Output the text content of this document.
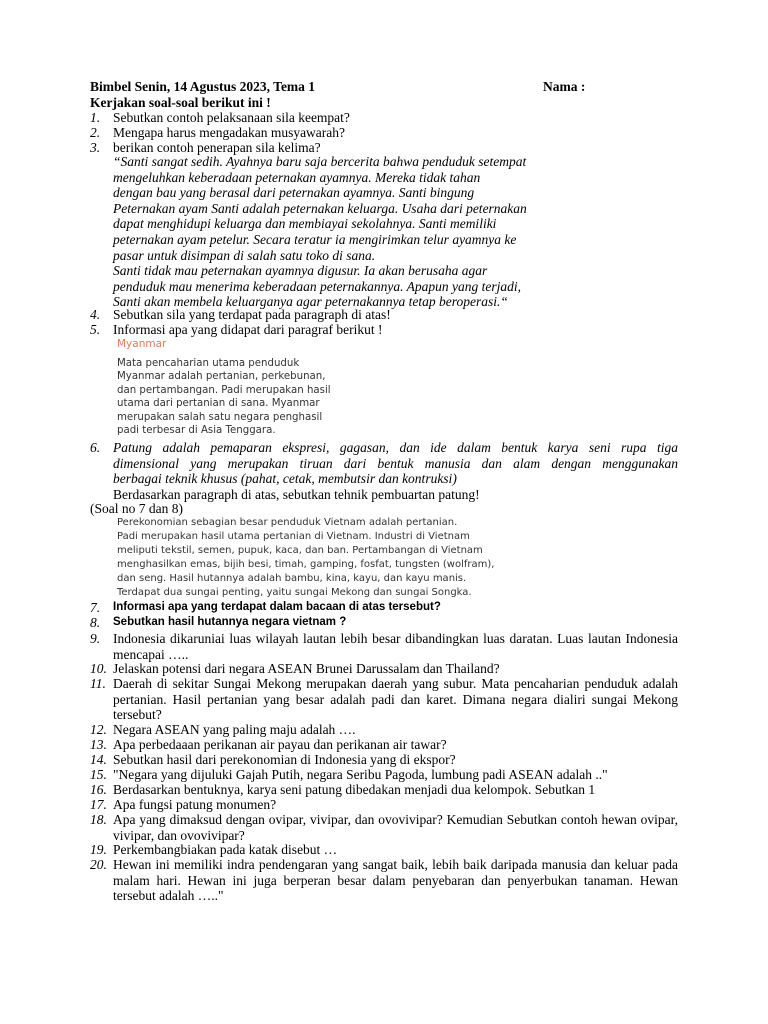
Bimbel Senin, 14 Agustus 2023, Tema 1	Nama :
Kerjakan soal-soal berikut ini !
1. Sebutkan contoh pelaksanaan sila keempat?
2. Mengapa harus mengadakan musyawarah?
3. berikan contoh penerapan sila kelima?
“Santi sangat sedih. Ayahnya baru saja bercerita bahwa penduduk setempat
mengeluhkan keberadaan peternakan ayamnya. Mereka tidak tahan
dengan bau yang berasal dari peternakan ayamnya. Santi bingung
Peternakan ayam Santi adalah peternakan keluarga. Usaha dari peternakan
dapat menghidupi keluarga dan membiayai sekolahnya. Santi memiliki
peternakan ayam petelur. Secara teratur ia mengirimkan telur ayamnya ke
pasar untuk disimpan di salah satu toko di sana.
Santi tidak mau peternakan ayamnya digusur. Ia akan berusaha agar
penduduk mau menerima keberadaan peternakannya. Apapun yang terjadi,
Santi akan membela keluarganya agar peternakannya tetap beroperasi.“
4. Sebutkan sila yang terdapat pada paragraph di atas!
5. Informasi apa yang didapat dari paragraf berikut !
Myanmar
Mata pencaharian utama penduduk
Myanmar adalah pertanian, perkebunan,
dan pertambangan. Padi merupakan hasil
utama dari pertanian di sana. Myanmar
merupakan salah satu negara penghasil
padi terbesar di Asia Tenggara.
6. Patung adalah pemaparan ekspresi, gagasan, dan ide dalam bentuk karya seni rupa tiga
dimensional yang merupakan tiruan dari bentuk manusia dan alam dengan menggunakan
berbagai teknik khusus (pahat, cetak, membutsir dan kontruksi)
Berdasarkan paragraph di atas, sebutkan tehnik pembuartan patung!
(Soal no 7 dan 8)
Perekonomian sebagian besar penduduk Vietnam adalah pertanian.
Padi merupakan hasil utama pertanian di Vietnam. Industri di Vietnam
meliputi tekstil, semen, pupuk, kaca, dan ban. Pertambangan di Vietnam
menghasilkan emas, bijih besi, timah, gamping, fosfat, tungsten (wolfram),
dan seng. Hasil hutannya adalah bambu, kina, kayu, dan kayu manis.
Terdapat dua sungai penting, yaitu sungai Mekong dan sungai Songka.
7.	Informasi apa yang terdapat dalam bacaan di atas tersebut?
8.	Sebutkan hasil hutannya negara vietnam ?
9. Indonesia dikaruniai luas wilayah lautan lebih besar dibandingkan luas daratan. Luas lautan Indonesia mencapai …..
10. Jelaskan potensi dari negara ASEAN Brunei Darussalam dan Thailand?
11. Daerah di sekitar Sungai Mekong merupakan daerah yang subur. Mata pencaharian penduduk adalah pertanian. Hasil pertanian yang besar adalah padi dan karet. Dimana negara dialiri sungai Mekong tersebut?
12. Negara ASEAN yang paling maju adalah ….
13. Apa perbedaaan perikanan air payau dan perikanan air tawar?
14. Sebutkan hasil dari perekonomian di Indonesia yang di ekspor?
15. "Negara yang dijuluki Gajah Putih, negara Seribu Pagoda, lumbung padi ASEAN adalah .."
16. Berdasarkan bentuknya, karya seni patung dibedakan menjadi dua kelompok. Sebutkan 1
17. Apa fungsi patung monumen?
18. Apa yang dimaksud dengan ovipar, vivipar, dan ovovivipar? Kemudian Sebutkan contoh hewan ovipar, vivipar, dan ovovivipar?
19. Perkembangbiakan pada katak disebut …
20. Hewan ini memiliki indra pendengaran yang sangat baik, lebih baik daripada manusia dan keluar pada malam hari. Hewan ini juga berperan besar dalam penyebaran dan penyerbukan tanaman. Hewan tersebut adalah ….."
